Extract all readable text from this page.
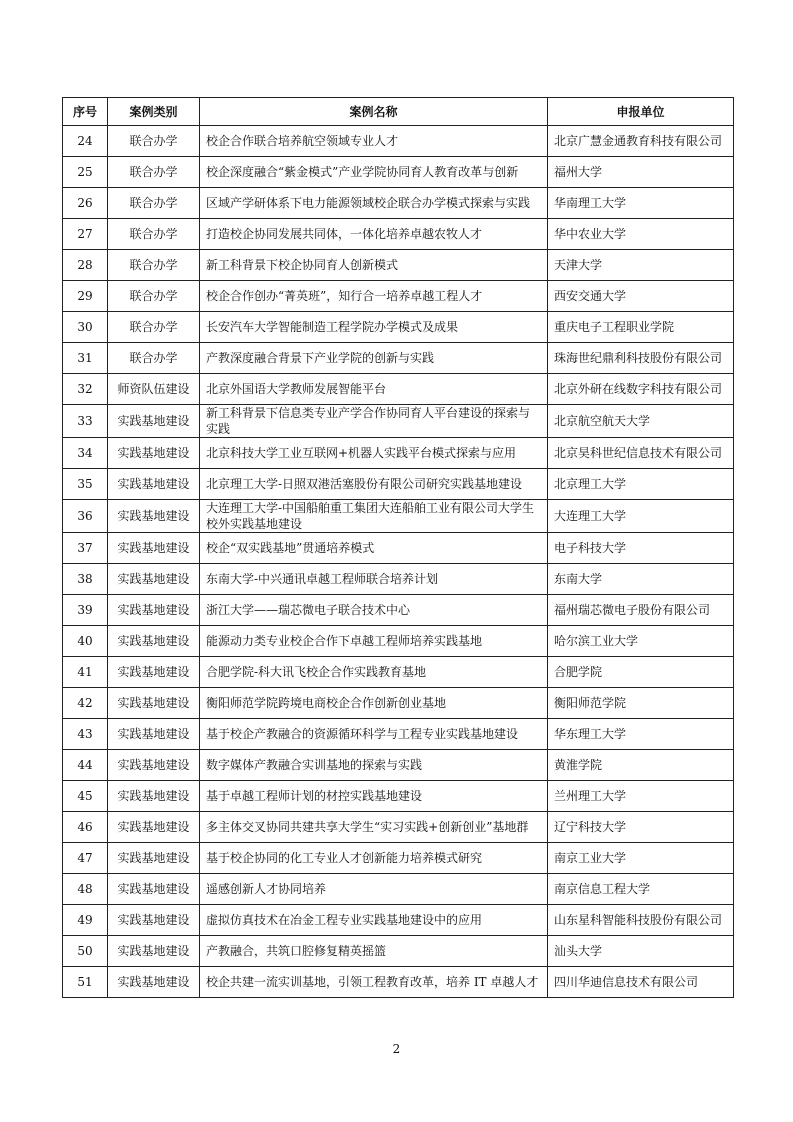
序号	案例类别	案例名称	申报单位
24	联合办学	校企合作联合培养航空领域专业人才	北京广慧金通教育科技有限公司
25	联合办学	校企深度融合“紫金模式”产业学院协同育人教育改革与创新	福州大学
26	联合办学	区域产学研体系下电力能源领域校企联合办学模式探索与实践	华南理工大学
27	联合办学	打造校企协同发展共同体，一体化培养卓越农牧人才	华中农业大学
28	联合办学	新工科背景下校企协同育人创新模式	天津大学
29	联合办学	校企合作创办“菁英班”，知行合一培养卓越工程人才	西安交通大学
30	联合办学	长安汽车大学智能制造工程学院办学模式及成果	重庆电子工程职业学院
31	联合办学	产教深度融合背景下产业学院的创新与实践	珠海世纪鼎利科技股份有限公司
32	师资队伍建设	北京外国语大学教师发展智能平台	北京外研在线数字科技有限公司
33	实践基地建设	新工科背景下信息类专业产学合作协同育人平台建设的探索与实践	北京航空航天大学
34	实践基地建设	北京科技大学工业互联网+机器人实践平台模式探索与应用	北京昊科世纪信息技术有限公司
35	实践基地建设	北京理工大学-日照双港活塞股份有限公司研究实践基地建设	北京理工大学
36	实践基地建设	大连理工大学-中国船舶重工集团大连船舶工业有限公司大学生校外实践基地建设	大连理工大学
37	实践基地建设	校企“双实践基地”贯通培养模式	电子科技大学
38	实践基地建设	东南大学-中兴通讯卓越工程师联合培养计划	东南大学
39	实践基地建设	浙江大学——瑞芯微电子联合技术中心	福州瑞芯微电子股份有限公司
40	实践基地建设	能源动力类专业校企合作下卓越工程师培养实践基地	哈尔滨工业大学
41	实践基地建设	合肥学院-科大讯飞校企合作实践教育基地	合肥学院
42	实践基地建设	衡阳师范学院跨境电商校企合作创新创业基地	衡阳师范学院
43	实践基地建设	基于校企产教融合的资源循环科学与工程专业实践基地建设	华东理工大学
44	实践基地建设	数字媒体产教融合实训基地的探索与实践	黄淮学院
45	实践基地建设	基于卓越工程师计划的材控实践基地建设	兰州理工大学
46	实践基地建设	多主体交叉协同共建共享大学生“实习实践+创新创业”基地群	辽宁科技大学
47	实践基地建设	基于校企协同的化工专业人才创新能力培养模式研究	南京工业大学
48	实践基地建设	遥感创新人才协同培养	南京信息工程大学
49	实践基地建设	虚拟仿真技术在冶金工程专业实践基地建设中的应用	山东星科智能科技股份有限公司
50	实践基地建设	产教融合，共筑口腔修复精英摇篮	汕头大学
51	实践基地建设	校企共建一流实训基地，引领工程教育改革，培养 IT 卓越人才	四川华迪信息技术有限公司
2
